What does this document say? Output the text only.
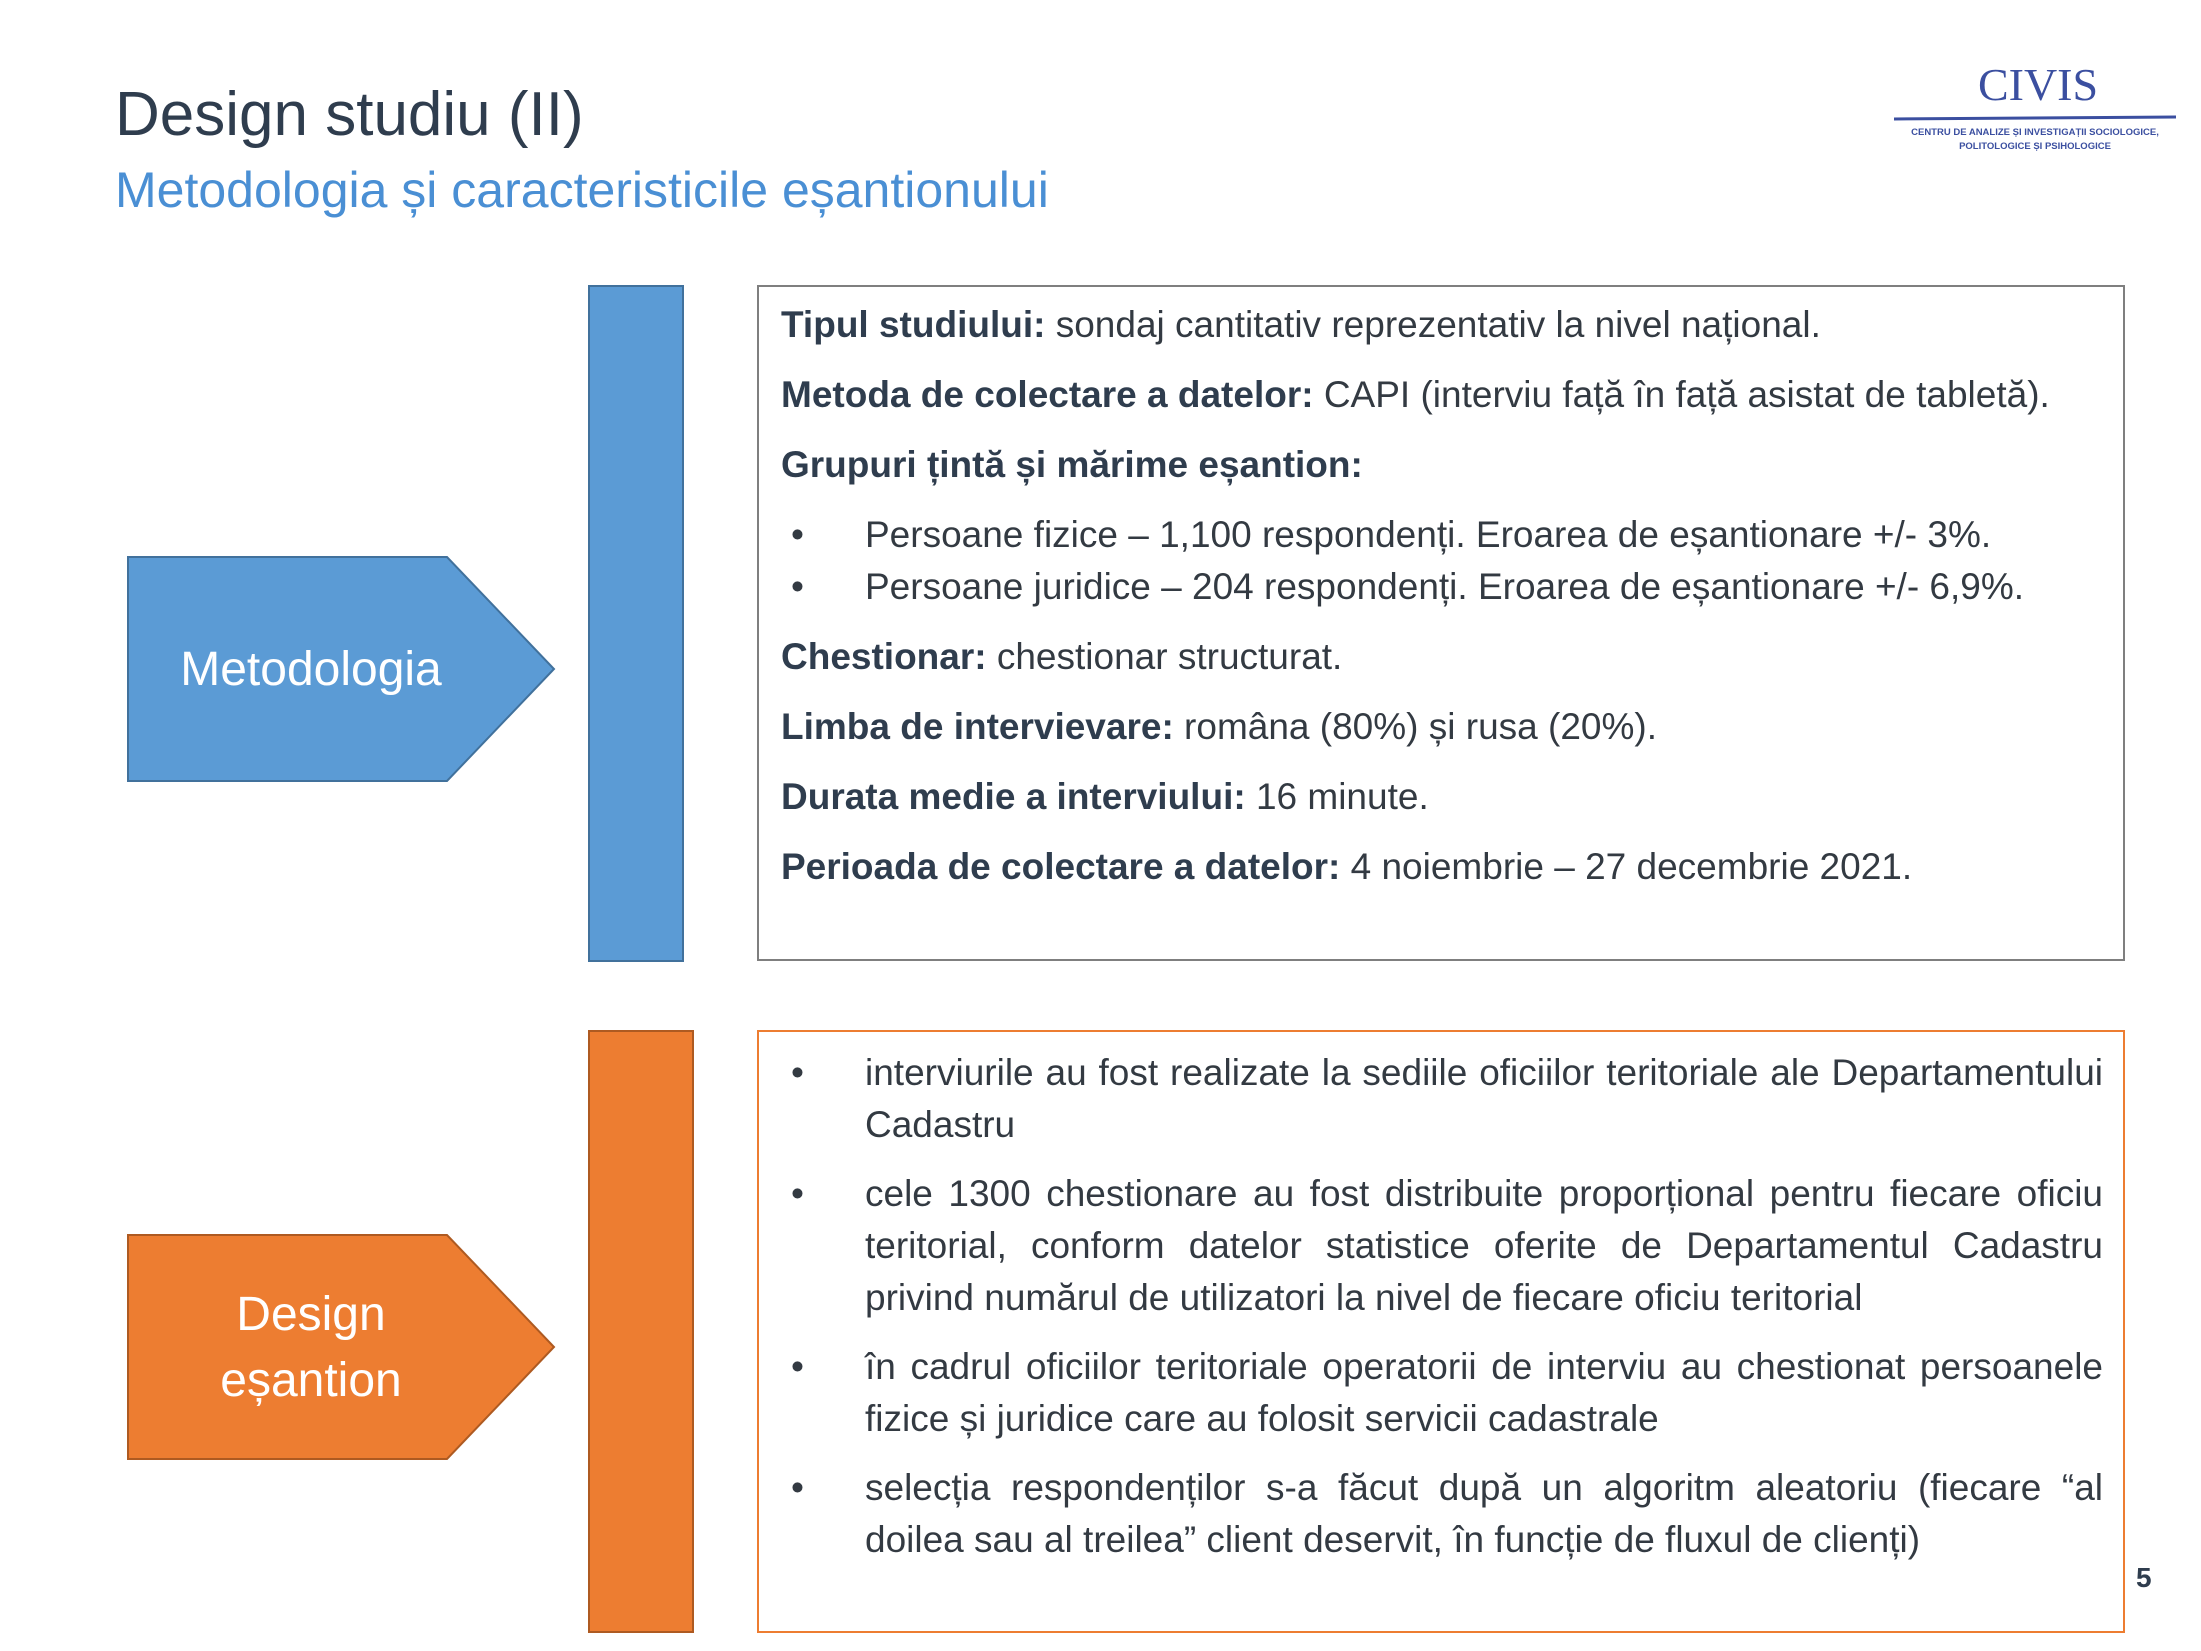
Design studiu (II)
Metodologia și caracteristicile eșantionului
CIVIS
CENTRU DE ANALIZE ȘI INVESTIGAȚII SOCIOLOGICE,
POLITOLOGICE ȘI PSIHOLOGICE
Metodologia

Tipul studiului: sondaj cantitativ reprezentativ la nivel național.

Metoda de colectare a datelor: CAPI (interviu față în față asistat de tabletă).

Grupuri țintă și mărime eșantion:

•	Persoane fizice – 1,100 respondenți. Eroarea de eșantionare +/- 3%.
•	Persoane juridice – 204 respondenți. Eroarea de eșantionare +/- 6,9%.

Chestionar: chestionar structurat.

Limba de intervievare: româna (80%) și rusa (20%).

Durata medie a interviului: 16 minute.

Perioada de colectare a datelor: 4 noiembrie – 27 decembrie 2021.

Design
eșantion
•	interviurile au fost realizate la sediile oficiilor teritoriale ale Departamentului Cadastru
•	cele 1300 chestionare au fost distribuite proporțional pentru fiecare oficiu teritorial, conform datelor statistice oferite de Departamentul Cadastru privind numărul de utilizatori la nivel de fiecare oficiu teritorial
•	în cadrul oficiilor teritoriale operatorii de interviu au chestionat persoanele fizice și juridice care au folosit servicii cadastrale
•	selecția respondenților s-a făcut după un algoritm aleatoriu (fiecare “al doilea sau al treilea” client deservit, în funcție de fluxul de clienți)
5
